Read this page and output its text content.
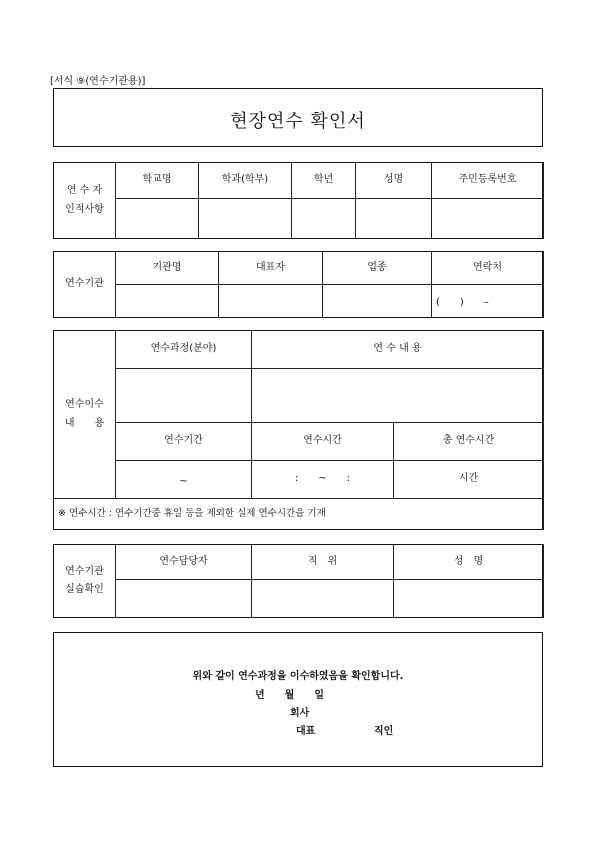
[서식 ⑨(연수기관용)]
현장연수 확인서
연 수 자
인적사항	학교명	학과(학부)	학년	성명	주민등록번호

연수기관	기관명	대표자	업종	연락처
				(　　)　　–
연수이수
내　　용	연수과정(분야)	연 수 내 용	

	연수기간	연수시간	총 연수시간
	~	:　　~　　:	시간
※ 연수시간 : 연수기간중 휴일 등을 제외한 실제 연수시간을 기재			
연수기관
실습확인	연수담당자	직　위	성　명

위와 같이 연수과정을 이수하였음을 확인합니다.
년　　월　　일
회사
대표	직인
